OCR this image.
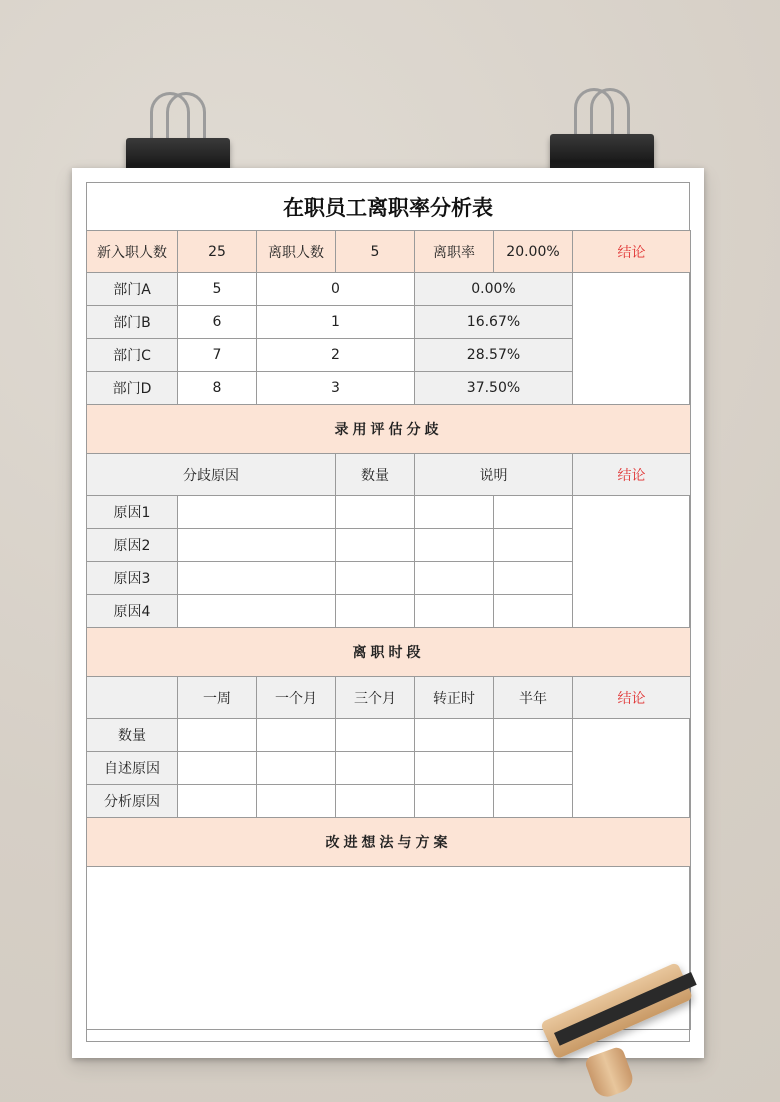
在职员工离职率分析表
新入职人数	25	离职人数	5	离职率	20.00%	结论
部门A	5	0		0.00%		
部门B	6	1		16.67%		
部门C	7	2		28.57%		
部门D	8	3		37.50%		
录用评估分歧						
分歧原因			数量	说明		结论
原因1						
原因2						
原因3						
原因4						
离职时段						
	一周	一个月	三个月	转正时	半年	结论
数量						
自述原因						
分析原因						
改进想法与方案						
